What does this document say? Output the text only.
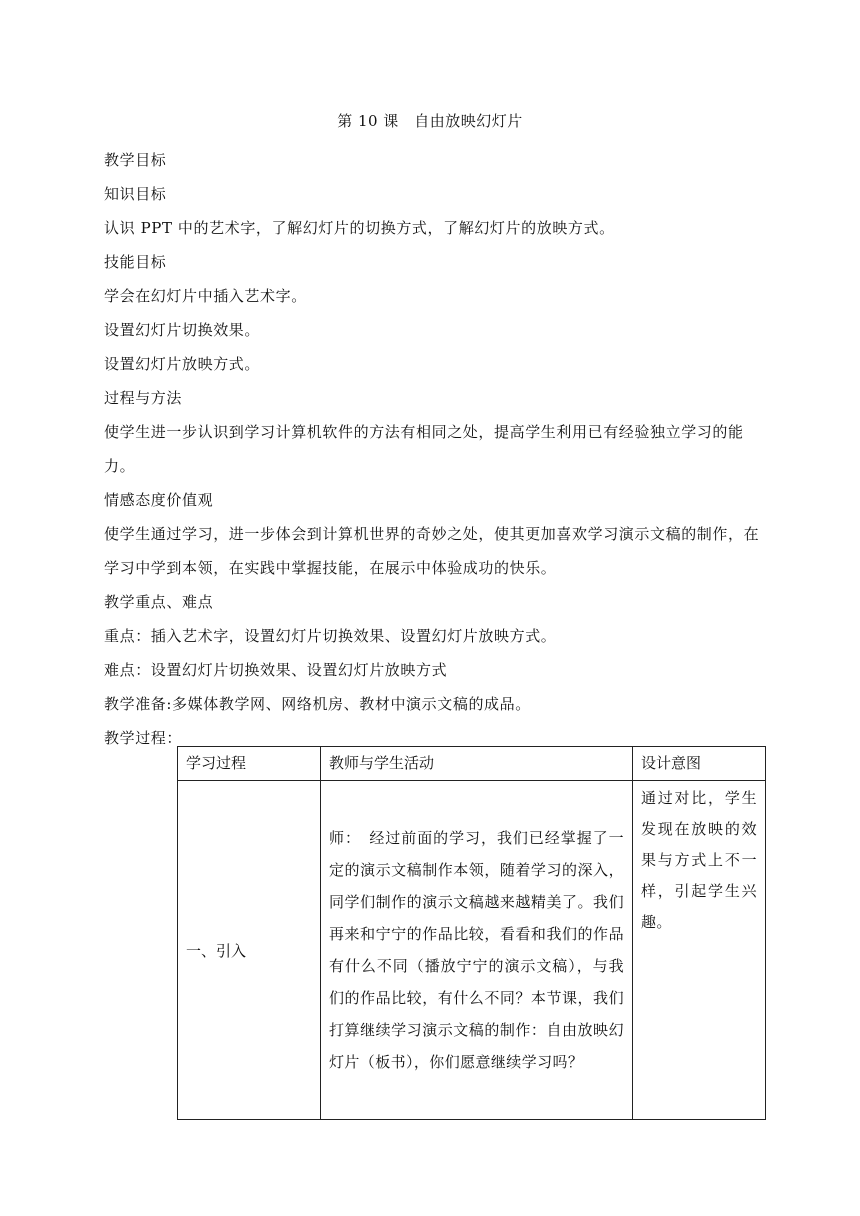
第 10 课　自由放映幻灯片

教学目标

知识目标

认识 PPT 中的艺术字，了解幻灯片的切换方式，了解幻灯片的放映方式。

技能目标

学会在幻灯片中插入艺术字。

设置幻灯片切换效果。

设置幻灯片放映方式。

过程与方法

使学生进一步认识到学习计算机软件的方法有相同之处，提高学生利用已有经验独立学习的能力。

情感态度价值观

使学生通过学习，进一步体会到计算机世界的奇妙之处，使其更加喜欢学习演示文稿的制作，在学习中学到本领，在实践中掌握技能，在展示中体验成功的快乐。

教学重点、难点

重点：插入艺术字，设置幻灯片切换效果、设置幻灯片放映方式。

难点：设置幻灯片切换效果、设置幻灯片放映方式

教学准备:多媒体教学网、网络机房、教材中演示文稿的成品。

教学过程：

学习过程	教师与学生活动	设计意图
一、引入	师：　经过前面的学习，我们已经掌握了一定的演示文稿制作本领，随着学习的深入，同学们制作的演示文稿越来越精美了。我们再来和宁宁的作品比较，看看和我们的作品有什么不同（播放宁宁的演示文稿），与我们的作品比较，有什么不同？本节课，我们打算继续学习演示文稿的制作：自由放映幻灯片（板书），你们愿意继续学习吗？	通过对比，学生发现在放映的效果与方式上不一样，引起学生兴趣。
